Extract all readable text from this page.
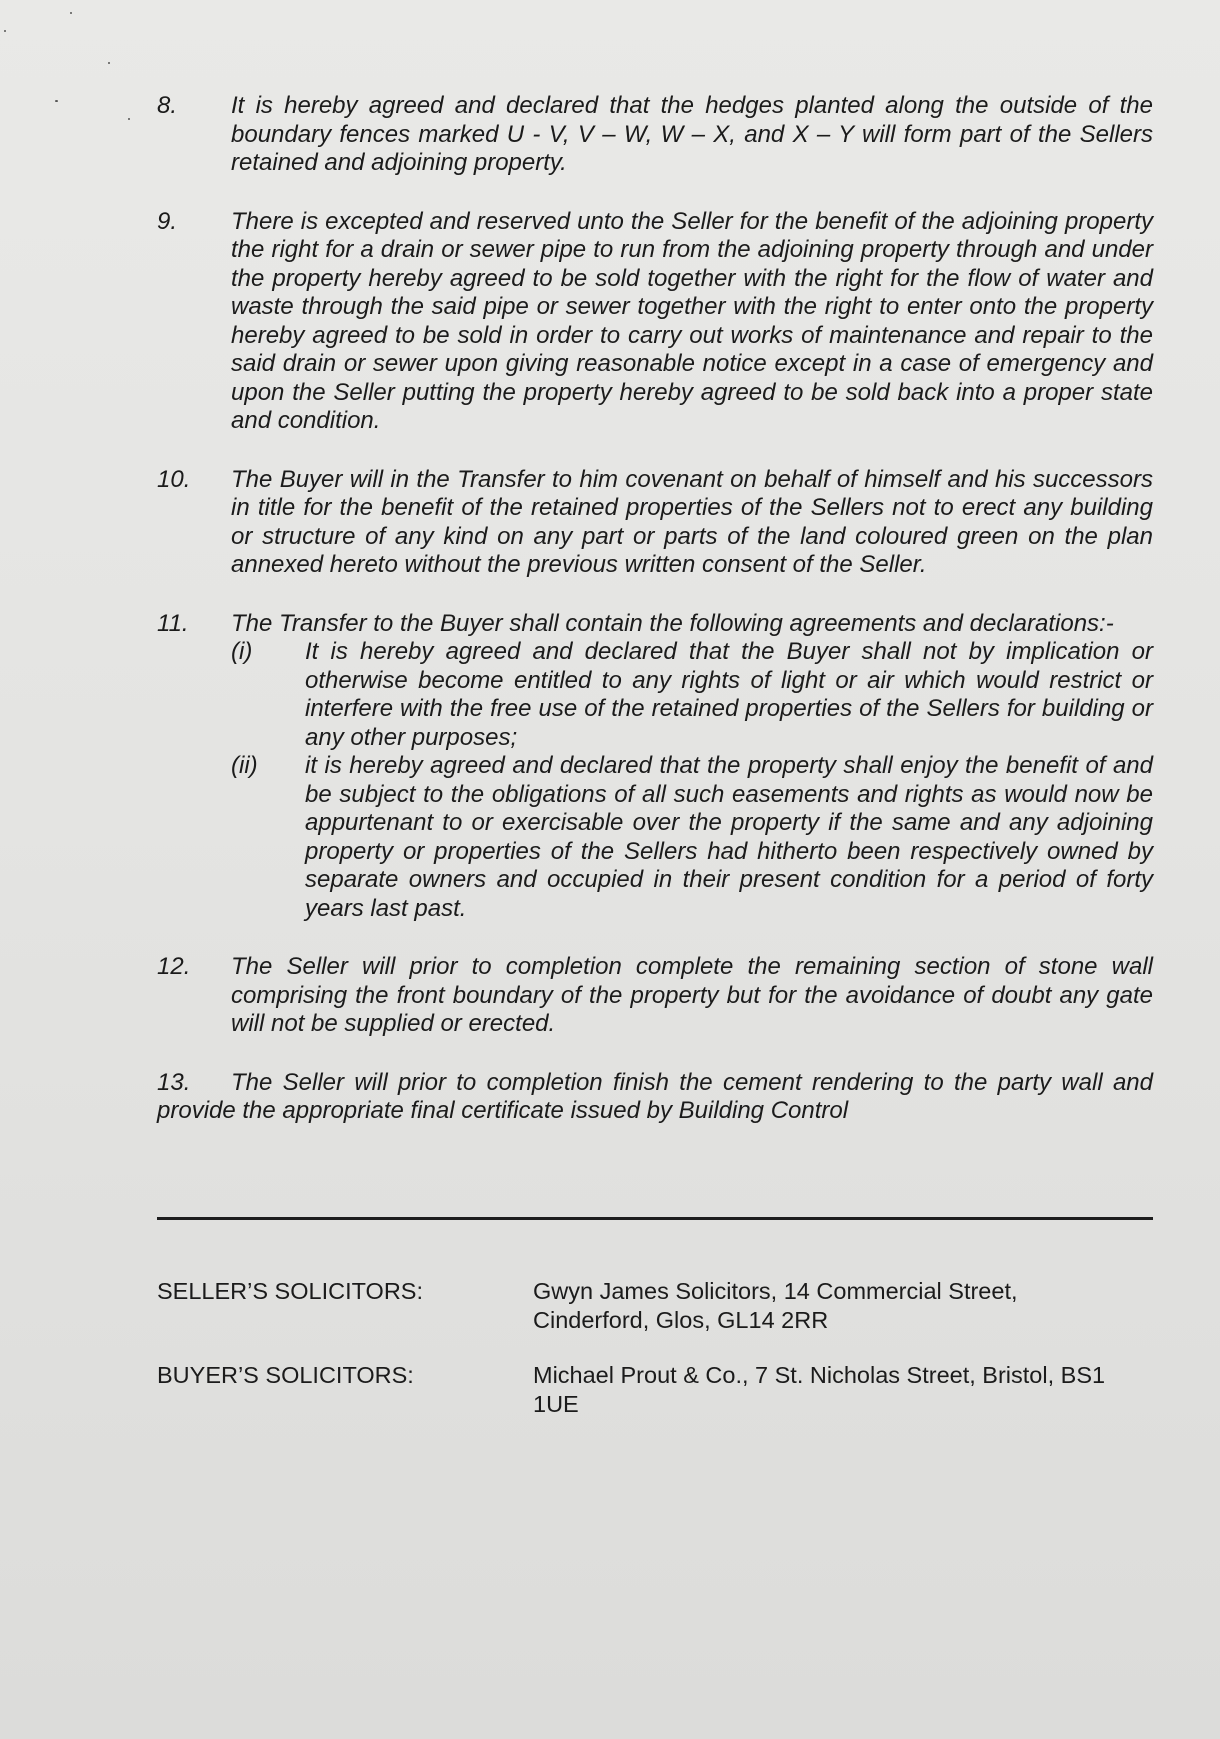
8.	It is hereby agreed and declared that the hedges planted along the outside of the boundary fences marked U - V, V – W, W – X, and X – Y will form part of the Sellers retained and adjoining property.
9.	There is excepted and reserved unto the Seller for the benefit of the adjoining property the right for a drain or sewer pipe to run from the adjoining property through and under the property hereby agreed to be sold together with the right for the flow of water and waste through the said pipe or sewer together with the right to enter onto the property hereby agreed to be sold in order to carry out works of maintenance and repair to the said drain or sewer upon giving reasonable notice except in a case of emergency and upon the Seller putting the property hereby agreed to be sold back into a proper state and condition.
10.	The Buyer will in the Transfer to him covenant on behalf of himself and his successors in title for the benefit of the retained properties of the Sellers not to erect any building or structure of any kind on any part or parts of the land coloured green on the plan annexed hereto without the previous written consent of the Seller.
11.	The Transfer to the Buyer shall contain the following agreements and declarations:-
(i)	It is hereby agreed and declared that the Buyer shall not by implication or otherwise become entitled to any rights of light or air which would restrict or interfere with the free use of the retained properties of the Sellers for building or any other purposes;
(ii)	it is hereby agreed and declared that the property shall enjoy the benefit of and be subject to the obligations of all such easements and rights as would now be appurtenant to or exercisable over the property if the same and any adjoining property or properties of the Sellers had hitherto been respectively owned by separate owners and occupied in their present condition for a period of forty years last past.
12.	The Seller will prior to completion complete the remaining section of stone wall comprising the front boundary of the property but for the avoidance of doubt any gate will not be supplied or erected.
13. The Seller will prior to completion finish the cement rendering to the party wall and provide the appropriate final certificate issued by Building Control
SELLER’S SOLICITORS:	Gwyn James Solicitors, 14 Commercial Street,
Cinderford, Glos, GL14 2RR
BUYER’S SOLICITORS:	Michael Prout & Co., 7 St. Nicholas Street, Bristol, BS1
1UE
